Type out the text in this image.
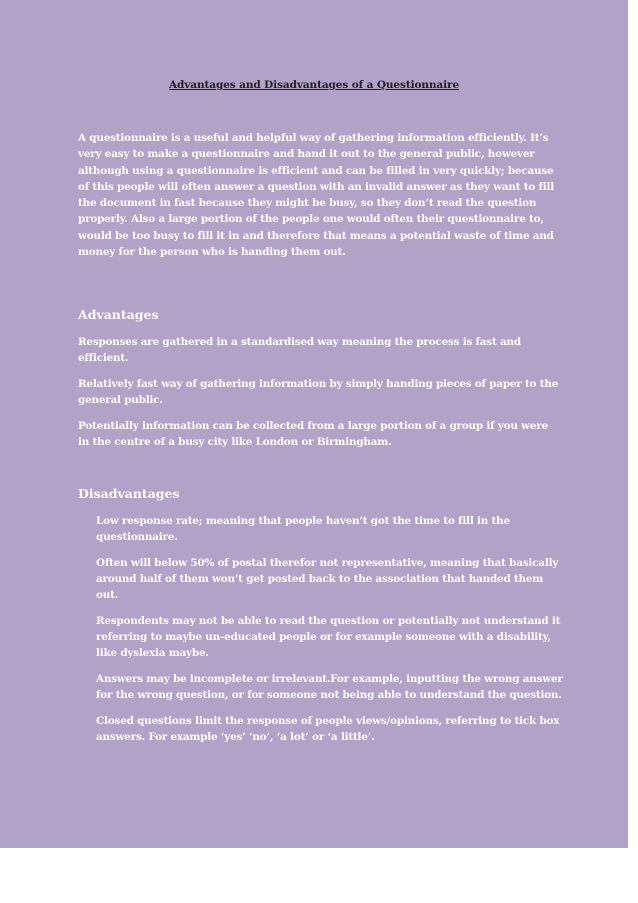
Advantages and Disadvantages of a Questionnaire

A questionnaire is a useful and helpful way of gathering information efficiently. It’s very easy to make a questionnaire and hand it out to the general public, however although using a questionnaire is efficient and can be filled in very quickly; because of this people will often answer a question with an invalid answer as they want to fill the document in fast because they might be busy, so they don’t read the question properly. Also a large portion of the people one would often their questionnaire to, would be too busy to fill it in and therefore that means a potential waste of time and money for the person who is handing them out.

Advantages
Responses are gathered in a standardised way meaning the process is fast and efficient.
Relatively fast way of gathering information by simply handing pieces of paper to the general public.
Potentially information can be collected from a large portion of a group if you were in the centre of a busy city like London or Birmingham.
Disadvantages
Low response rate; meaning that people haven’t got the time to fill in the questionnaire.
Often will below 50% of postal therefor not representative, meaning that basically around half of them won’t get posted back to the association that handed them out.
Respondents may not be able to read the question or potentially not understand it referring to maybe un-educated people or for example someone with a disability, like dyslexia maybe.
Answers may be incomplete or irrelevant.For example, inputting the wrong answer for the wrong question, or for someone not being able to understand the question.
Closed questions limit the response of people views/opinions, referring to tick box answers. For example ‘yes’ ‘no’, ‘a lot’ or ‘a little’.
